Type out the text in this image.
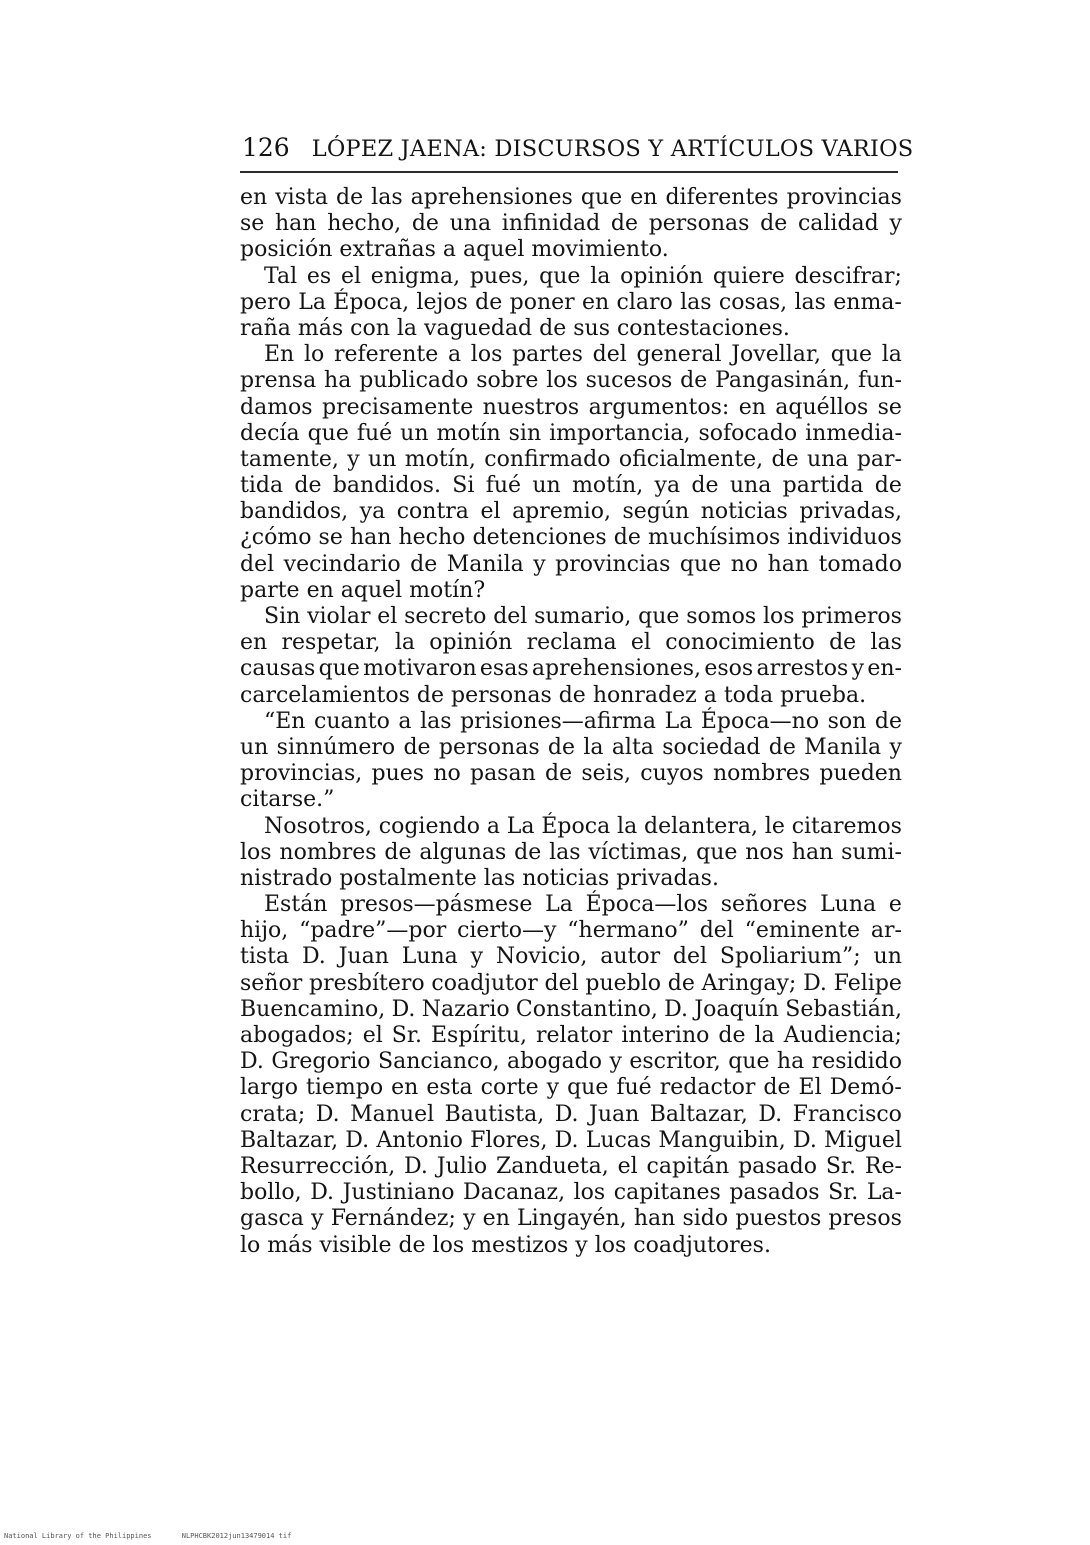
126 LÓPEZ JAENA: DISCURSOS Y ARTÍCULOS VARIOS
en vista de las aprehensiones que en diferentes provincias
se han hecho, de una infinidad de personas de calidad y
posición extrañas a aquel movimiento.
Tal es el enigma, pues, que la opinión quiere descifrar;
pero La Época, lejos de poner en claro las cosas, las enma-
raña más con la vaguedad de sus contestaciones.
En lo referente a los partes del general Jovellar, que la
prensa ha publicado sobre los sucesos de Pangasinán, fun-
damos precisamente nuestros argumentos: en aquéllos se
decía que fué un motín sin importancia, sofocado inmedia-
tamente, y un motín, confirmado oficialmente, de una par-
tida de bandidos. Si fué un motín, ya de una partida de
bandidos, ya contra el apremio, según noticias privadas,
¿cómo se han hecho detenciones de muchísimos individuos
del vecindario de Manila y provincias que no han tomado
parte en aquel motín?
Sin violar el secreto del sumario, que somos los primeros
en respetar, la opinión reclama el conocimiento de las
causas que motivaron esas aprehensiones, esos arrestos y en-
carcelamientos de personas de honradez a toda prueba.
“En cuanto a las prisiones—afirma La Época—no son de
un sinnúmero de personas de la alta sociedad de Manila y
provincias, pues no pasan de seis, cuyos nombres pueden
citarse.”
Nosotros, cogiendo a La Época la delantera, le citaremos
los nombres de algunas de las víctimas, que nos han sumi-
nistrado postalmente las noticias privadas.
Están presos—pásmese La Época—los señores Luna e
hijo, “padre”—por cierto—y “hermano” del “eminente ar-
tista D. Juan Luna y Novicio, autor del Spoliarium”; un
señor presbítero coadjutor del pueblo de Aringay; D. Felipe
Buencamino, D. Nazario Constantino, D. Joaquín Sebastián,
abogados; el Sr. Espíritu, relator interino de la Audiencia;
D. Gregorio Sancianco, abogado y escritor, que ha residido
largo tiempo en esta corte y que fué redactor de El Demó-
crata; D. Manuel Bautista, D. Juan Baltazar, D. Francisco
Baltazar, D. Antonio Flores, D. Lucas Manguibin, D. Miguel
Resurrección, D. Julio Zandueta, el capitán pasado Sr. Re-
bollo, D. Justiniano Dacanaz, los capitanes pasados Sr. La-
gasca y Fernández; y en Lingayén, han sido puestos presos
lo más visible de los mestizos y los coadjutores.
National Library of the Philippines	NLPHCBK2012jun13479014 tif
